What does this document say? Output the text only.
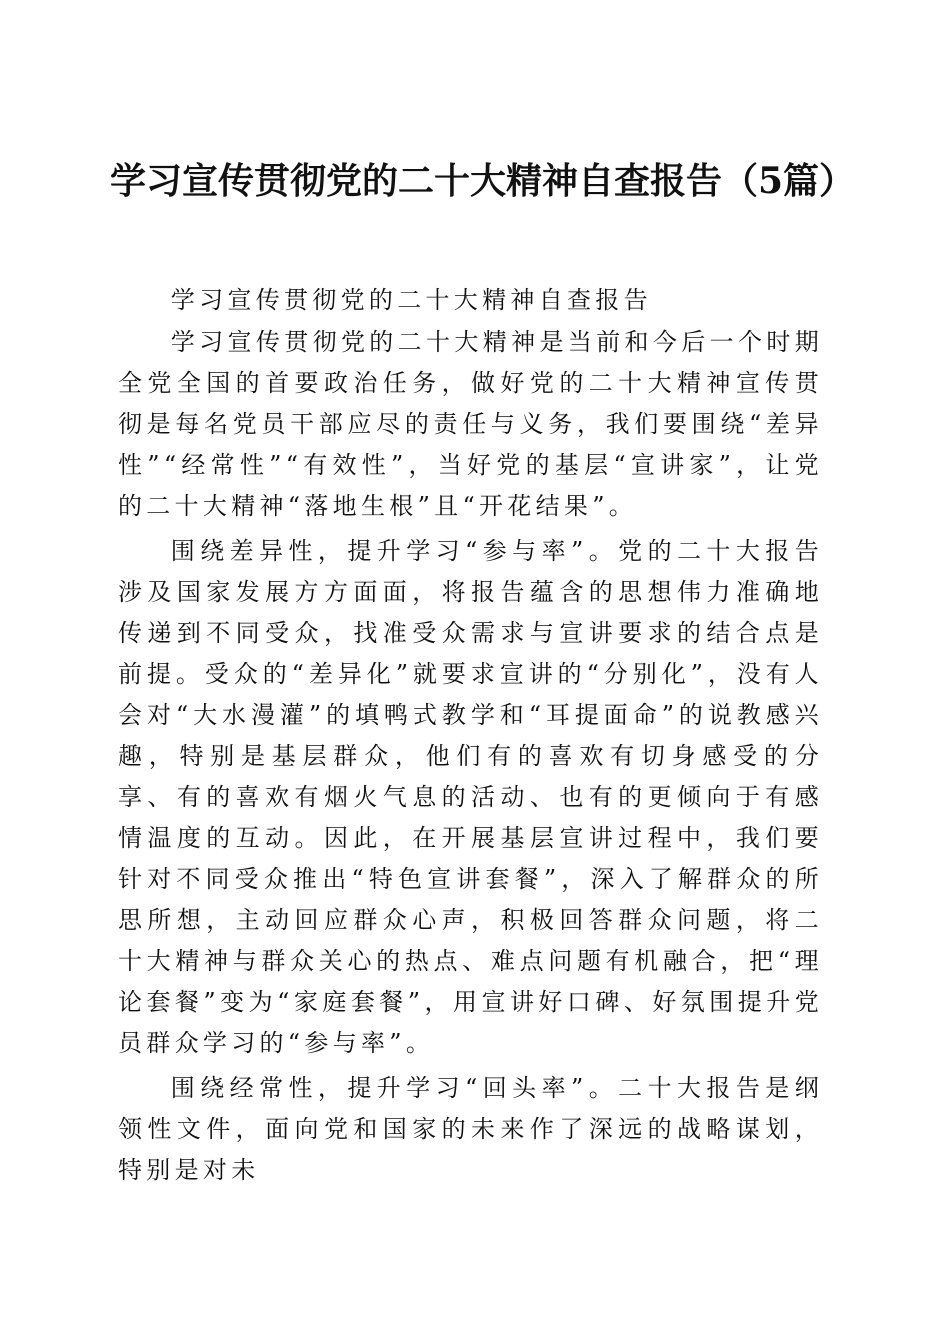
学习宣传贯彻党的二十大精神自查报告（5篇）

学习宣传贯彻党的二十大精神自查报告

学习宣传贯彻党的二十大精神是当前和今后一个时期全党全国的首要政治任务，做好党的二十大精神宣传贯彻是每名党员干部应尽的责任与义务，我们要围绕“差异性”“经常性”“有效性”，当好党的基层“宣讲家”，让党的二十大精神“落地生根”且“开花结果”。

围绕差异性，提升学习“参与率”。党的二十大报告涉及国家发展方方面面，将报告蕴含的思想伟力准确地传递到不同受众，找准受众需求与宣讲要求的结合点是前提。受众的“差异化”就要求宣讲的“分别化”，没有人会对“大水漫灌”的填鸭式教学和“耳提面命”的说教感兴趣，特别是基层群众，他们有的喜欢有切身感受的分享、有的喜欢有烟火气息的活动、也有的更倾向于有感情温度的互动。因此，在开展基层宣讲过程中，我们要针对不同受众推出“特色宣讲套餐”，深入了解群众的所思所想，主动回应群众心声，积极回答群众问题，将二十大精神与群众关心的热点、难点问题有机融合，把“理论套餐”变为“家庭套餐”，用宣讲好口碑、好氛围提升党员群众学习的“参与率”。

围绕经常性，提升学习“回头率”。二十大报告是纲领性文件，面向党和国家的未来作了深远的战略谋划，特别是对未
